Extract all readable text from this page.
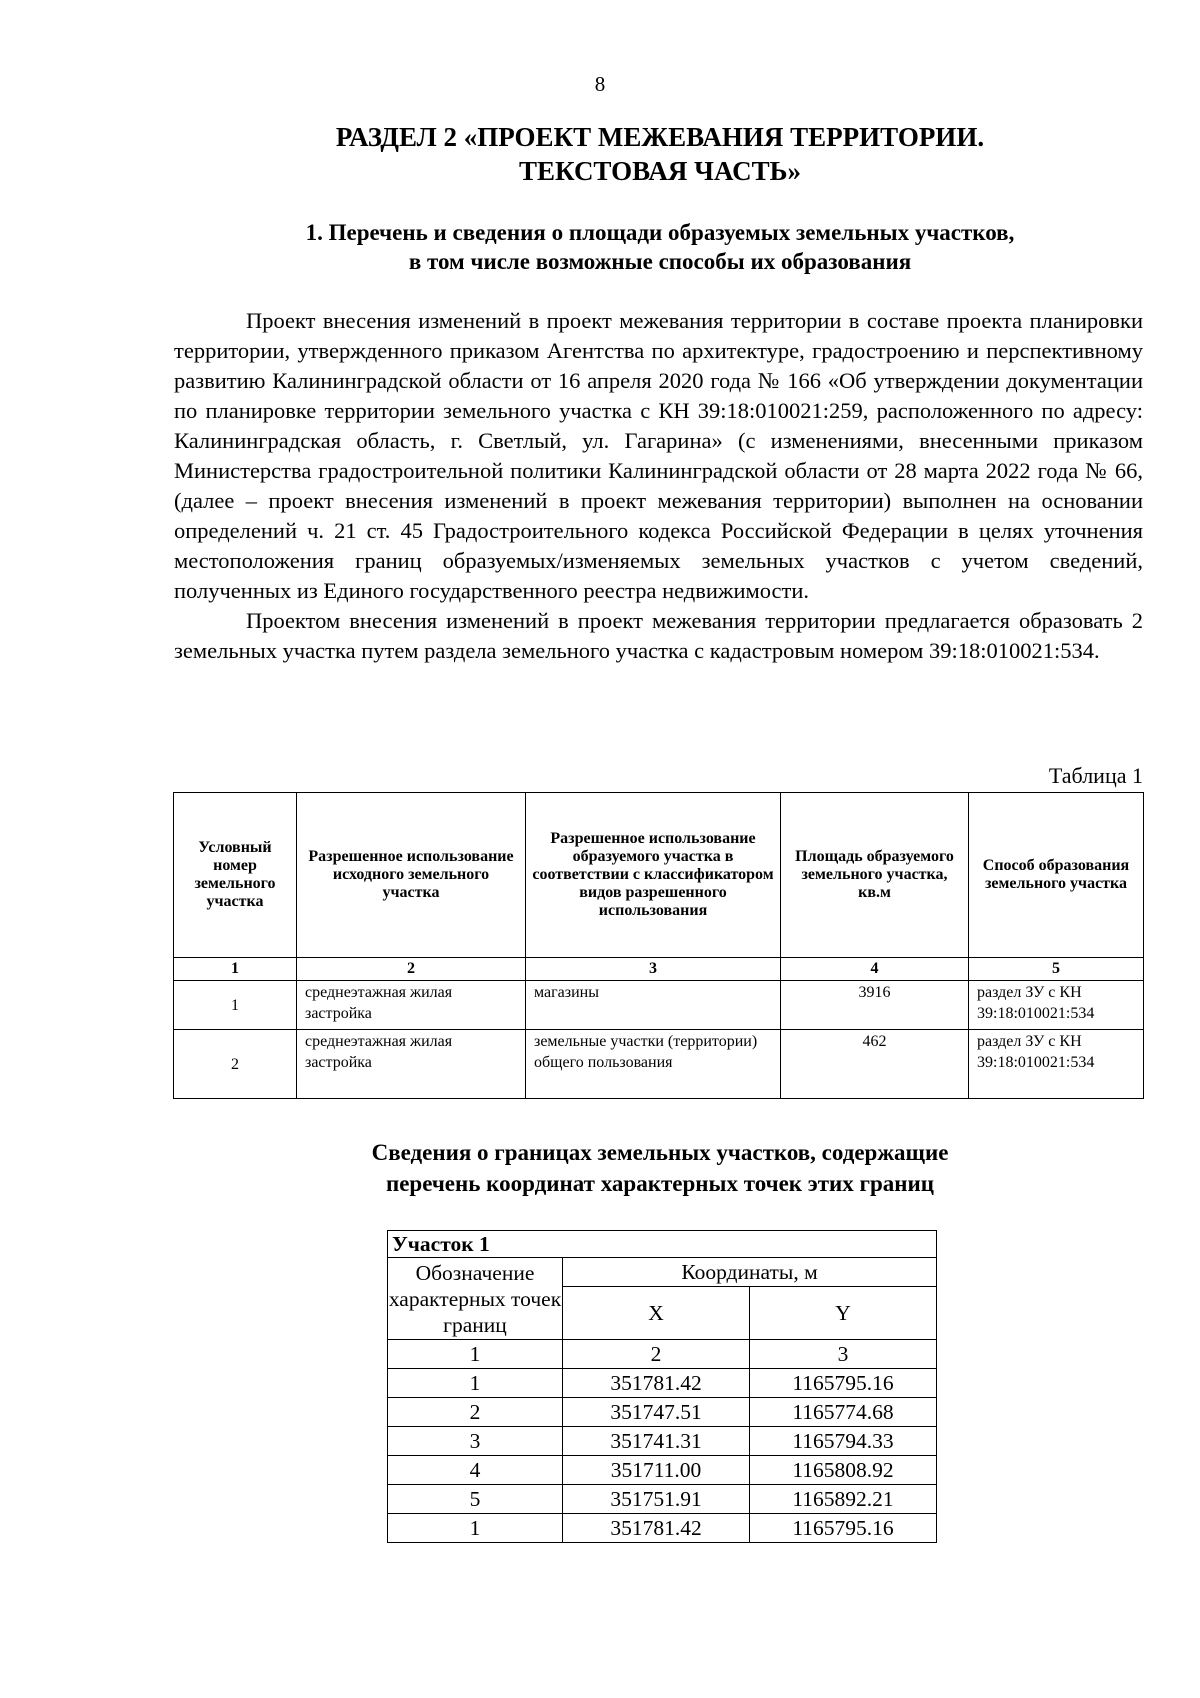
8
РАЗДЕЛ 2 «ПРОЕКТ МЕЖЕВАНИЯ ТЕРРИТОРИИ.
ТЕКСТОВАЯ ЧАСТЬ»
1. Перечень и сведения о площади образуемых земельных участков,
в том числе возможные способы их образования

Проект внесения изменений в проект межевания территории в составе проекта планировки территории, утвержденного приказом Агентства по архитектуре, градостроению и перспективному развитию Калининградской области от 16 апреля 2020 года № 166 «Об утверждении документации по планировке территории земельного участка с КН 39:18:010021:259, расположенного по адресу: Калининградская область, г. Светлый, ул. Гагарина» (с изменениями, внесенными приказом Министерства градостроительной политики Калининградской области от 28 марта 2022 года № 66, (далее – проект внесения изменений в проект межевания территории) выполнен на основании определений ч. 21 ст. 45 Градостроительного кодекса Российской Федерации в целях уточнения местоположения границ образуемых/изменяемых земельных участков с учетом сведений, полученных из Единого государственного реестра недвижимости.

Проектом внесения изменений в проект межевания территории предлагается образовать 2 земельных участка путем раздела земельного участка с кадастровым номером 39:18:010021:534.

Таблица 1
Условный номер земельного участка	Разрешенное использование исходного земельного участка	Разрешенное использование образуемого участка в соответствии с классификатором видов разрешенного использования	Площадь образуемого земельного участка, кв.м	Способ образования земельного участка
1	2	3	4	5
1	среднеэтажная жилая застройка	магазины	3916	раздел ЗУ с КН 39:18:010021:534
2	среднеэтажная жилая застройка	земельные участки (территории) общего пользования	462	раздел ЗУ с КН 39:18:010021:534
Сведения о границах земельных участков, содержащие
перечень координат характерных точек этих границ
Участок 1		
Обозначение характерных точек границ	Координаты, м	
	X	Y
1	2	3
1	351781.42	1165795.16
2	351747.51	1165774.68
3	351741.31	1165794.33
4	351711.00	1165808.92
5	351751.91	1165892.21
1	351781.42	1165795.16
